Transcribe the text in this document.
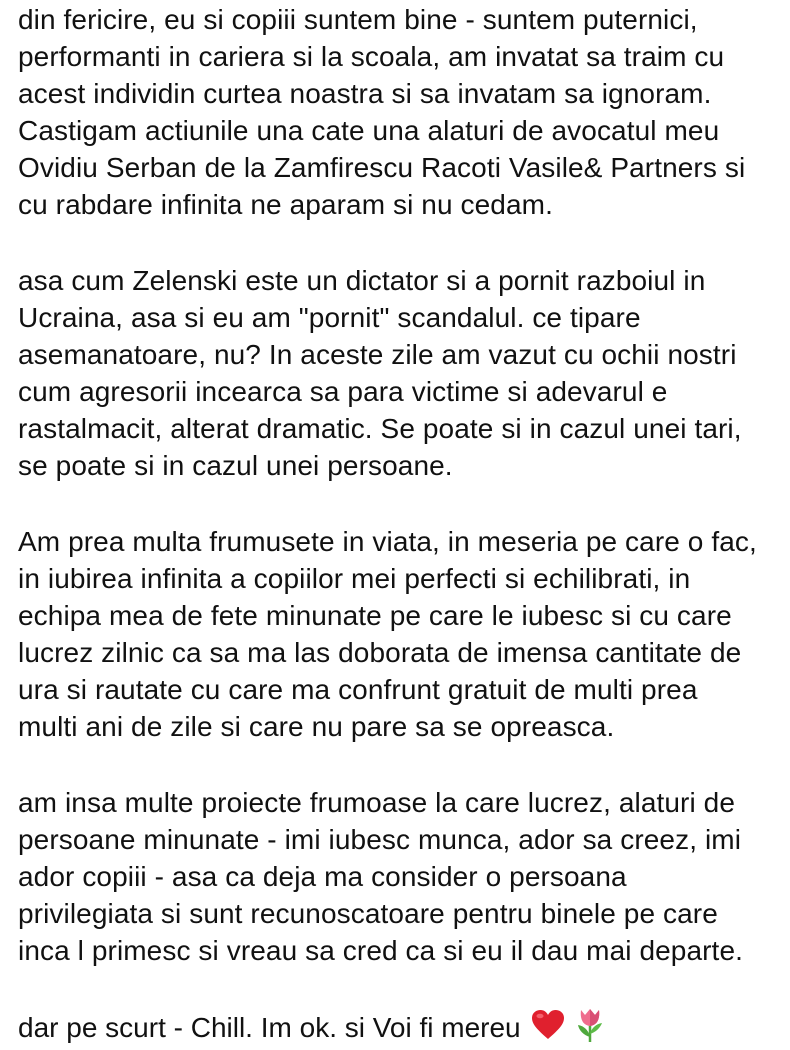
din fericire, eu si copiii suntem bine - suntem puternici,
performanti in cariera si la scoala, am invatat sa traim cu
acest individin curtea noastra si sa invatam sa ignoram.
Castigam actiunile una cate una alaturi de avocatul meu
Ovidiu Serban de la Zamfirescu Racoti Vasile& Partners si
cu rabdare infinita ne aparam si nu cedam.
asa cum Zelenski este un dictator si a pornit razboiul in
Ucraina, asa si eu am "pornit" scandalul. ce tipare
asemanatoare, nu? In aceste zile am vazut cu ochii nostri
cum agresorii incearca sa para victime si adevarul e
rastalmacit, alterat dramatic. Se poate si in cazul unei tari,
se poate si in cazul unei persoane.
Am prea multa frumusete in viata, in meseria pe care o fac,
in iubirea infinita a copiilor mei perfecti si echilibrati, in
echipa mea de fete minunate pe care le iubesc si cu care
lucrez zilnic ca sa ma las doborata de imensa cantitate de
ura si rautate cu care ma confrunt gratuit de multi prea
multi ani de zile si care nu pare sa se opreasca.
am insa multe proiecte frumoase la care lucrez, alaturi de
persoane minunate - imi iubesc munca, ador sa creez, imi
ador copiii - asa ca deja ma consider o persoana
privilegiata si sunt recunoscatoare pentru binele pe care
inca l primesc si vreau sa cred ca si eu il dau mai departe.
dar pe scurt - Chill. Im ok. si Voi fi mereu
